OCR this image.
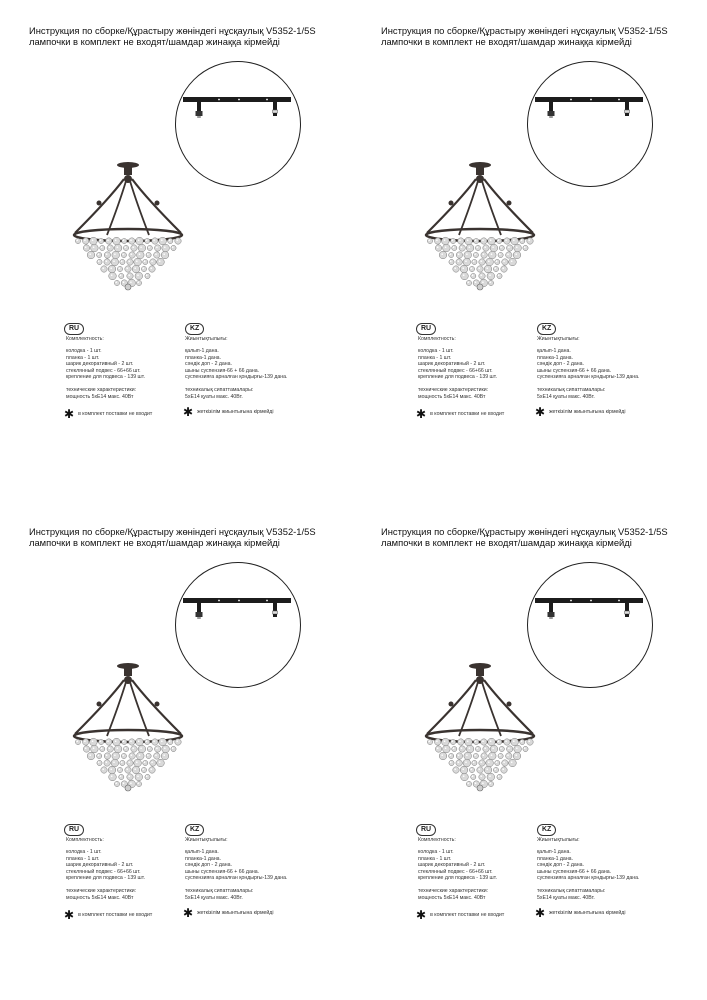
Инструкция по сборке/Құрастыру жөніндегі нұсқаулық V5352-1/5S
лампочки в комплект не входят/шамдар жинаққа кірмейді
RU	KZ
Комплектность:
колодка - 1 шт.
планка - 1 шт.
шарик декоративный - 2 шт.
стеклянный подвес - 66+66 шт.
крепление для подвеса - 139 шт.
технические характеристики:
мощность 5хЕ14 макс. 40Вт
Жиынтықтылығы:
қалып-1 дана.
планка-1 дана.
сәндік доп - 2 дана.
шыны суспензия-66 + 66 дана.
суспензияға арналған қондырғы-139 дана.
техникалық сипаттамалары:
5хЕ14 қуаты макс. 40Вт.
✱ в комплект поставки не входит	✱ жеткізілім жиынтығына кірмейді
Инструкция по сборке/Құрастыру жөніндегі нұсқаулық V5352-1/5S
лампочки в комплект не входят/шамдар жинаққа кірмейді
RU	KZ
Комплектность:
колодка - 1 шт.
планка - 1 шт.
шарик декоративный - 2 шт.
стеклянный подвес - 66+66 шт.
крепление для подвеса - 139 шт.
технические характеристики:
мощность 5хЕ14 макс. 40Вт
Жиынтықтылығы:
қалып-1 дана.
планка-1 дана.
сәндік доп - 2 дана.
шыны суспензия-66 + 66 дана.
суспензияға арналған қондырғы-139 дана.
техникалық сипаттамалары:
5хЕ14 қуаты макс. 40Вт.
✱ в комплект поставки не входит	✱ жеткізілім жиынтығына кірмейді
Инструкция по сборке/Құрастыру жөніндегі нұсқаулық V5352-1/5S
лампочки в комплект не входят/шамдар жинаққа кірмейді
RU	KZ
Комплектность:
колодка - 1 шт.
планка - 1 шт.
шарик декоративный - 2 шт.
стеклянный подвес - 66+66 шт.
крепление для подвеса - 139 шт.
технические характеристики:
мощность 5хЕ14 макс. 40Вт
Жиынтықтылығы:
қалып-1 дана.
планка-1 дана.
сәндік доп - 2 дана.
шыны суспензия-66 + 66 дана.
суспензияға арналған қондырғы-139 дана.
техникалық сипаттамалары:
5хЕ14 қуаты макс. 40Вт.
✱ в комплект поставки не входит	✱ жеткізілім жиынтығына кірмейді
Инструкция по сборке/Құрастыру жөніндегі нұсқаулық V5352-1/5S
лампочки в комплект не входят/шамдар жинаққа кірмейді
RU	KZ
Комплектность:
колодка - 1 шт.
планка - 1 шт.
шарик декоративный - 2 шт.
стеклянный подвес - 66+66 шт.
крепление для подвеса - 139 шт.
технические характеристики:
мощность 5хЕ14 макс. 40Вт
Жиынтықтылығы:
қалып-1 дана.
планка-1 дана.
сәндік доп - 2 дана.
шыны суспензия-66 + 66 дана.
суспензияға арналған қондырғы-139 дана.
техникалық сипаттамалары:
5хЕ14 қуаты макс. 40Вт.
✱ в комплект поставки не входит	✱ жеткізілім жиынтығына кірмейді
